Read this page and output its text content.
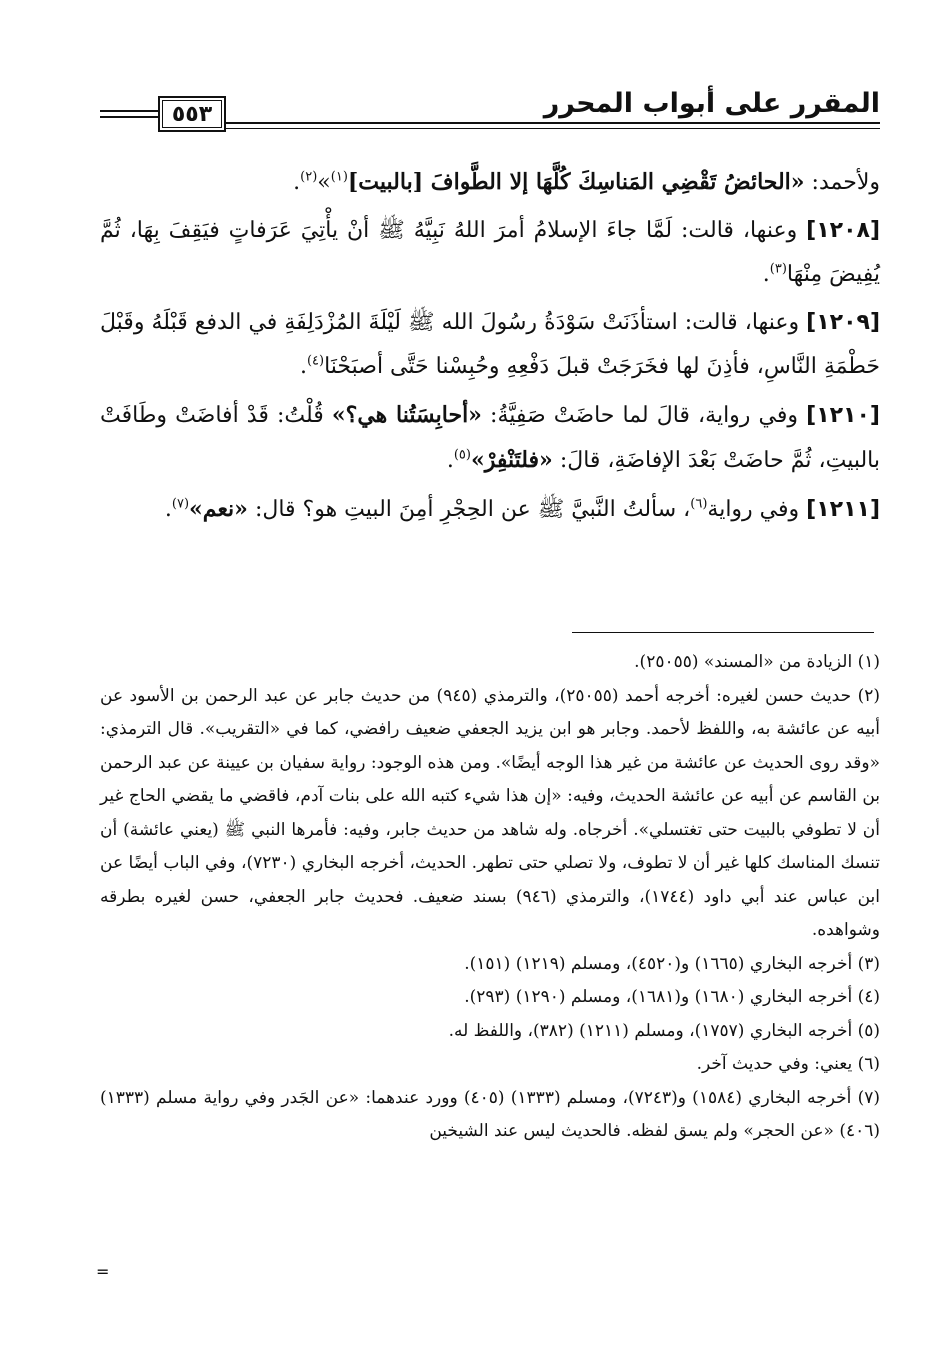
٥٥٣	المقرر على أبواب المحرر

ولأحمد: «الحائضُ تَقْضِي المَناسِكَ كُلَّهَا إلا الطَّوافَ [بالبيت]$^{(١)}$»$^{(٢)}$.

[١٢٠٨] وعنها، قالت: لَمَّا جاءَ الإسلامُ أمرَ اللهُ نَبِيَّهُ ﷺ أنْ يأْتِيَ عَرَفاتٍ فيَقِفَ بِهَا، ثُمَّ يُفِيضَ مِنْهَا$^{(٣)}$.

[١٢٠٩] وعنها، قالت: استأذَنَتْ سَوْدَةُ رسُولَ الله ﷺ لَيْلَةَ المُزْدَلِفَةِ في الدفع قَبْلَهُ وقَبْلَ حَطْمَةِ النَّاسِ، فأذِنَ لها فخَرَجَتْ قبلَ دَفْعِهِ وحُبِسْنا حَتَّى أصبَحْنَا$^{(٤)}$.

[١٢١٠] وفي رواية، قالَ لما حاضَتْ صَفِيَّةُ: «أحابِسَتُنا هي؟» قُلْتُ: قَدْ أفاضَتْ وطَافَتْ بالبيتِ، ثُمَّ حاضَتْ بَعْدَ الإفاضَةِ، قالَ: «فلتَنْفِرْ»$^{(٥)}$.

[١٢١١] وفي رواية$^{(٦)}$، سألتُ النَّبيَّ ﷺ عن الحِجْرِ أمِنَ البيتِ هو؟ قال: «نعم»$^{(٧)}$.

(١) الزيادة من «المسند» (٢٥٠٥٥).

(٢) حديث حسن لغيره: أخرجه أحمد (٢٥٠٥٥)، والترمذي (٩٤٥) من حديث جابر عن عبد الرحمن بن الأسود عن أبيه عن عائشة به، واللفظ لأحمد. وجابر هو ابن يزيد الجعفي ضعيف رافضي، كما في «التقريب». قال الترمذي: «وقد روى الحديث عن عائشة من غير هذا الوجه أيضًا». ومن هذه الوجود: رواية سفيان بن عيينة عن عبد الرحمن بن القاسم عن أبيه عن عائشة الحديث، وفيه: «إن هذا شيء كتبه الله على بنات آدم، فاقضي ما يقضي الحاج غير أن لا تطوفي بالبيت حتى تغتسلي». أخرجاه. وله شاهد من حديث جابر، وفيه: فأمرها النبي ﷺ (يعني عائشة) أن تنسك المناسك كلها غير أن لا تطوف، ولا تصلي حتى تطهر. الحديث، أخرجه البخاري (٧٢٣٠)، وفي الباب أيضًا عن ابن عباس عند أبي داود (١٧٤٤)، والترمذي (٩٤٦) بسند ضعيف. فحديث جابر الجعفي، حسن لغيره بطرقه وشواهده.

(٣) أخرجه البخاري (١٦٦٥) و(٤٥٢٠)، ومسلم (١٢١٩) (١٥١).

(٤) أخرجه البخاري (١٦٨٠) و(١٦٨١)، ومسلم (١٢٩٠) (٢٩٣).

(٥) أخرجه البخاري (١٧٥٧)، ومسلم (١٢١١) (٣٨٢)، واللفظ له.

(٦) يعني: وفي حديث آخر.

(٧) أخرجه البخاري (١٥٨٤) و(٧٢٤٣)، ومسلم (١٣٣٣) (٤٠٥) وورد عندهما: «عن الجَدر وفي رواية مسلم (١٣٣٣) (٤٠٦) «عن الحجر» ولم يسق لفظه. فالحديث ليس عند الشيخين

=
